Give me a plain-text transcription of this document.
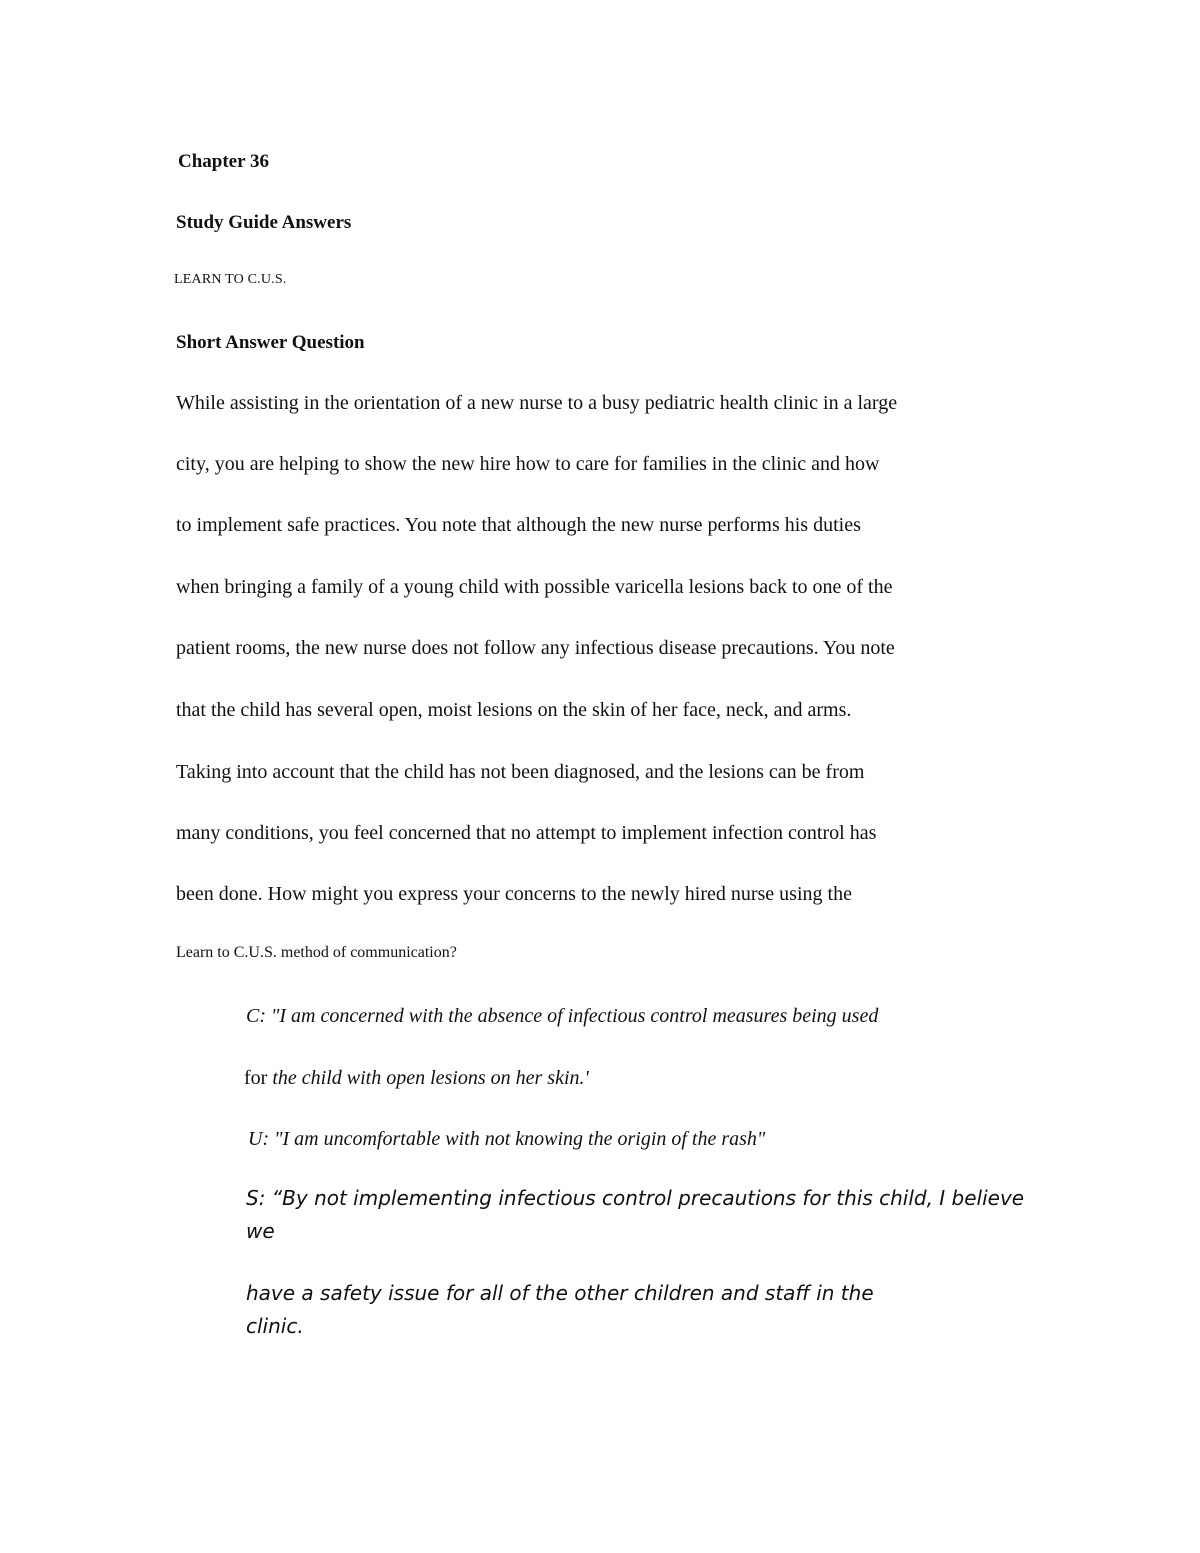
Chapter 36
Study Guide Answers
LEARN TO C.U.S.
Short Answer Question
While assisting in the orientation of a new nurse to a busy pediatric health clinic in a large
city, you are helping to show the new hire how to care for families in the clinic and how
to implement safe practices. You note that although the new nurse performs his duties
when bringing a family of a young child with possible varicella lesions back to one of the
patient rooms, the new nurse does not follow any infectious disease precautions. You note
that the child has several open, moist lesions on the skin of her face, neck, and arms.
Taking into account that the child has not been diagnosed, and the lesions can be from
many conditions, you feel concerned that no attempt to implement infection control has
been done. How might you express your concerns to the newly hired nurse using the
Learn to C.U.S. method of communication?
C: "I am concerned with the absence of infectious control measures being used
for the child with open lesions on her skin.'
U: "I am uncomfortable with not knowing the origin of the rash"
S: “By not implementing infectious control precautions for this child, I believe
we
have a safety issue for all of the other children and staff in the
clinic.
